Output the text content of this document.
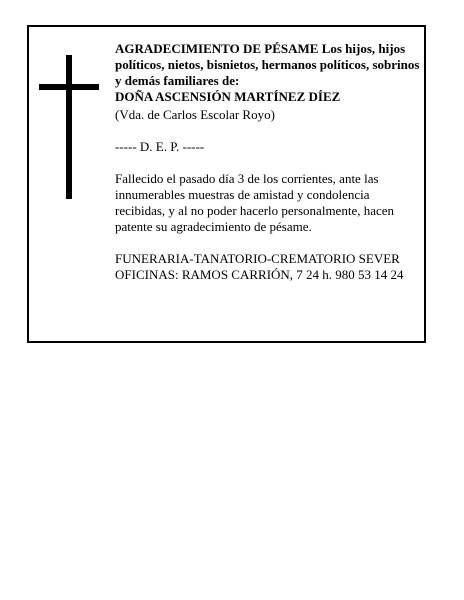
AGRADECIMIENTO DE PÉSAME Los hijos, hijos políticos, nietos, bisnietos, hermanos políticos, sobrinos y demás familiares de:

DOÑA ASCENSIÓN MARTÍNEZ DÍEZ

(Vda. de Carlos Escolar Royo)

----- D. E. P. -----

Fallecido el pasado día 3 de los corrientes, ante las innumerables muestras de amistad y condolencia recibidas, y al no poder hacerlo personalmente, hacen patente su agradecimiento de pésame.

FUNERARIA-TANATORIO-CREMATORIO SEVER

OFICINAS: RAMOS CARRIÓN, 7 24 h. 980 53 14 24
